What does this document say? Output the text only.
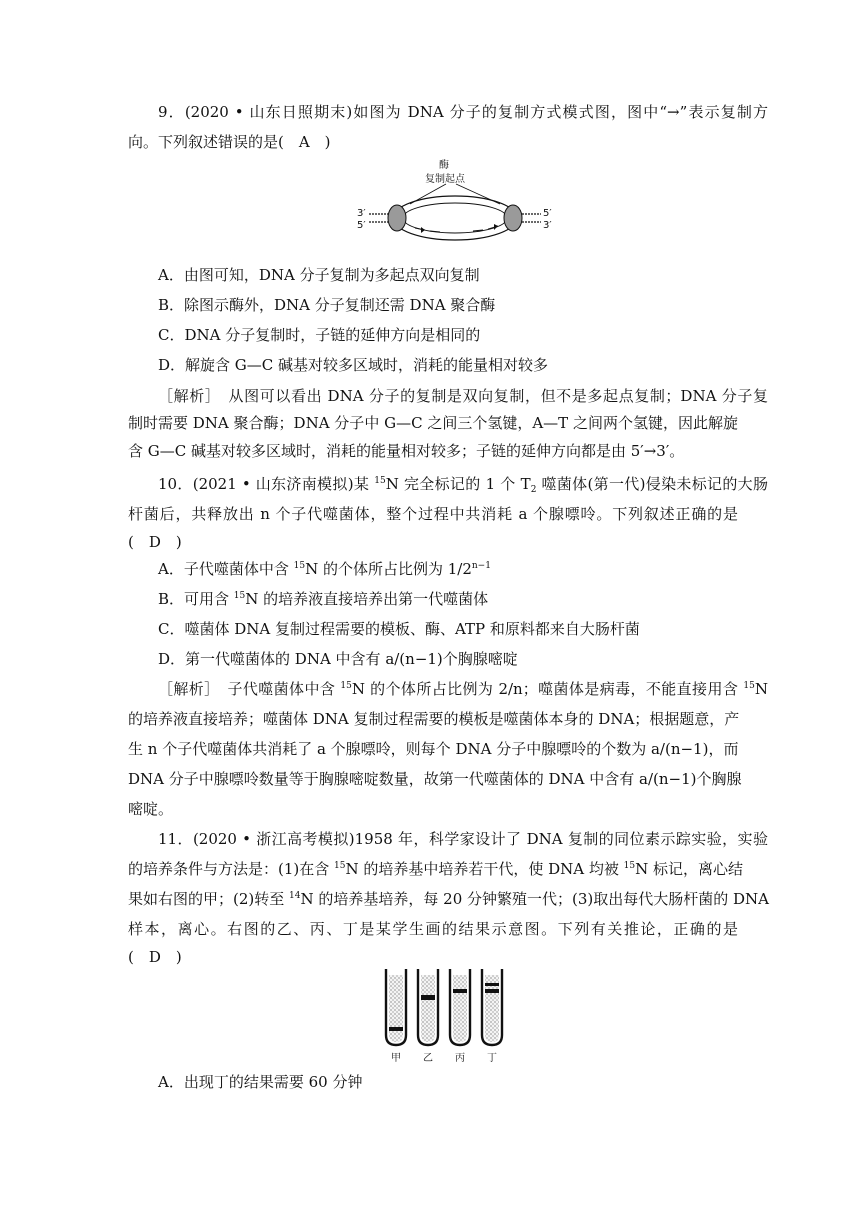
9．(2020 • 山东日照期末)如图为 DNA 分子的复制方式模式图，图中“→”表示复制方
向。下列叙述错误的是(　A　)
酶
复制起点
3′
5′
5′
3′
A．由图可知，DNA 分子复制为多起点双向复制
B．除图示酶外，DNA 分子复制还需 DNA 聚合酶
C．DNA 分子复制时，子链的延伸方向是相同的
D．解旋含 G—C 碱基对较多区域时，消耗的能量相对较多
［解析］　从图可以看出 DNA 分子的复制是双向复制，但不是多起点复制；DNA 分子复
制时需要 DNA 聚合酶；DNA 分子中 G—C 之间三个氢键，A—T 之间两个氢键，因此解旋
含 G—C 碱基对较多区域时，消耗的能量相对较多；子链的延伸方向都是由 5′→3′。
10．(2021 • 山东济南模拟)某 $^{15}$N 完全标记的 1 个 $T_2$ 噬菌体(第一代)侵染未标记的大肠
杆菌后，共释放出 n 个子代噬菌体，整个过程中共消耗 a 个腺嘌呤。下列叙述正确的是
(　D　)
A．子代噬菌体中含 $^{15}$N 的个体所占比例为 $1/2^{n-1}$
B．可用含 $^{15}$N 的培养液直接培养出第一代噬菌体
C．噬菌体 DNA 复制过程需要的模板、酶、ATP 和原料都来自大肠杆菌
D．第一代噬菌体的 DNA 中含有 a/(n−1)个胸腺嘧啶
［解析］　子代噬菌体中含 $^{15}$N 的个体所占比例为 2/n；噬菌体是病毒，不能直接用含 $^{15}$N
的培养液直接培养；噬菌体 DNA 复制过程需要的模板是噬菌体本身的 DNA；根据题意，产
生 n 个子代噬菌体共消耗了 a 个腺嘌呤，则每个 DNA 分子中腺嘌呤的个数为 a/(n−1)，而
DNA 分子中腺嘌呤数量等于胸腺嘧啶数量，故第一代噬菌体的 DNA 中含有 a/(n−1)个胸腺
嘧啶。
11．(2020 • 浙江高考模拟)1958 年，科学家设计了 DNA 复制的同位素示踪实验，实验
的培养条件与方法是：(1)在含 $^{15}$N 的培养基中培养若干代，使 DNA 均被 $^{15}$N 标记，离心结
果如右图的甲；(2)转至 $^{14}$N 的培养基培养，每 20 分钟繁殖一代；(3)取出每代大肠杆菌的 DNA
样本，离心。右图的乙、丙、丁是某学生画的结果示意图。下列有关推论，正确的是
(　D　)
甲 乙 丙 丁
A．出现丁的结果需要 60 分钟
